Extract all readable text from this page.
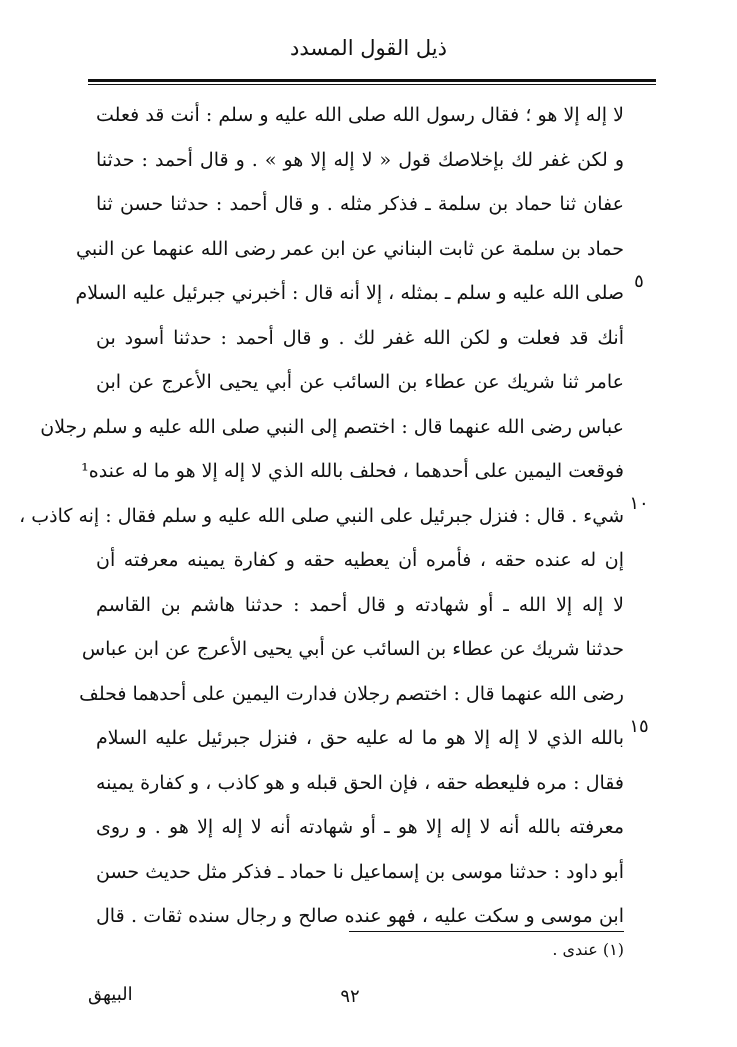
ذيل القول المسدد
لا إله إلا هو ؛ فقال رسول الله صلى الله عليه و سلم : أنت قد فعلت
و لكن غفر لك بإخلاصك قول « لا إله إلا هو » . و قال أحمد : حدثنا
عفان ثنا حماد بن سلمة ـ فذكر مثله . و قال أحمد : حدثنا حسن ثنا
حماد بن سلمة عن ثابت البناني عن ابن عمر رضى الله عنهما عن النبي
صلى الله عليه و سلم ـ بمثله ، إلا أنه قال : أخبرني جبرئيل عليه السلام
أنك قد فعلت و لكن الله غفر لك . و قال أحمد : حدثنا أسود بن
عامر ثنا شريك عن عطاء بن السائب عن أبي يحيى الأعرج عن ابن
عباس رضى الله عنهما قال : اختصم إلى النبي صلى الله عليه و سلم رجلان
فوقعت اليمين على أحدهما ، فحلف بالله الذي لا إله إلا هو ما له عنده¹
شيء . قال : فنزل جبرئيل على النبي صلى الله عليه و سلم فقال : إنه كاذب ،
إن له عنده حقه ، فأمره أن يعطيه حقه و كفارة يمينه معرفته أن
لا إله إلا الله ـ أو شهادته و قال أحمد : حدثنا هاشم بن القاسم
حدثنا شريك عن عطاء بن السائب عن أبي يحيى الأعرج عن ابن عباس
رضى الله عنهما قال : اختصم رجلان فدارت اليمين على أحدهما فحلف
بالله الذي لا إله إلا هو ما له عليه حق ، فنزل جبرئيل عليه السلام
فقال : مره فليعطه حقه ، فإن الحق قبله و هو كاذب ، و كفارة يمينه
معرفته بالله أنه لا إله إلا هو ـ أو شهادته أنه لا إله إلا هو . و روى
أبو داود : حدثنا موسى بن إسماعيل نا حماد ـ فذكر مثل حديث حسن
ابن موسى و سكت عليه ، فهو عنده صالح و رجال سنده ثقات . قال
٥
١٠
١٥
(١) عندى .
٩٢
البيهق
